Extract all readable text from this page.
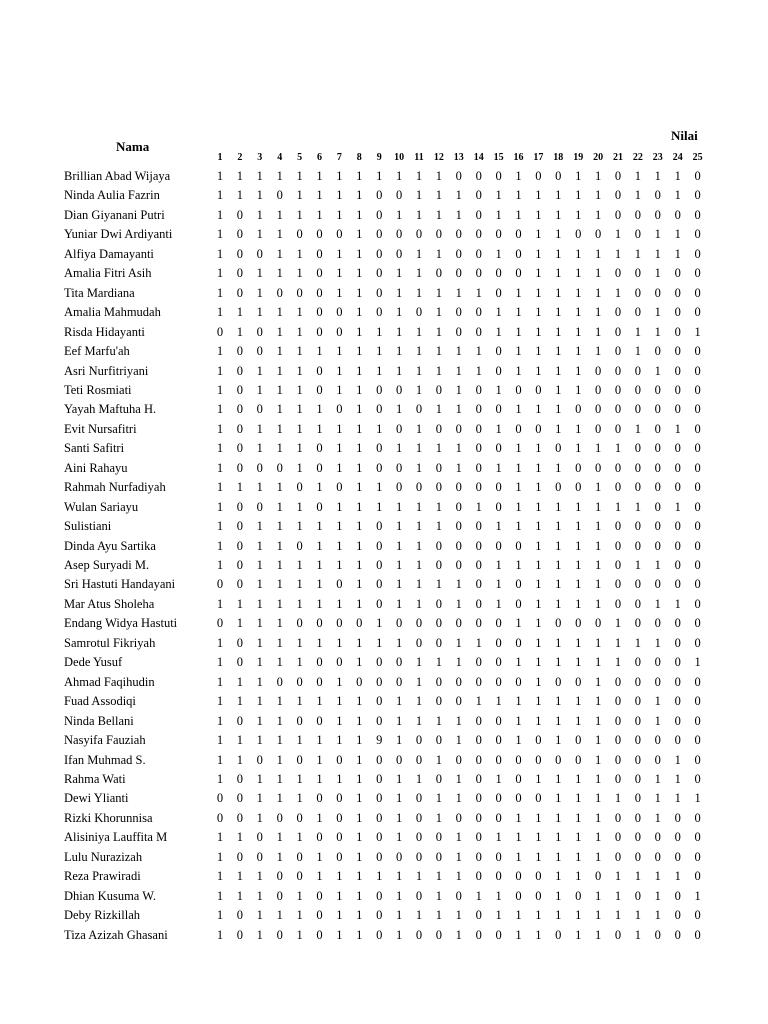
Nilai
Nama
1	2	3	4	5	6	7	8	9	10	11	12 13 14 15 16 17 18 19 20 21 22 23 24 25
Brillian Abad Wijaya	1	1	1	1	1	1	1	1	1	1	1	1	0	0	0	1	0	0	1	1	0	1	1	1	0
Ninda Aulia Fazrin	1	1	1	0	1	1	1	1	0	0	1	1	1	0	1	1	1	1	1	1	0	1	0	1	0
Dian Giyanani Putri	1	0	1	1	1	1	1	1	0	1	1	1	1	0	1	1	1	1	1	1	0	0	0	0	0
Yuniar Dwi Ardiyanti	1	0	1	1	0	0	0	1	0	0	0	0	0	0	0	0	1	1	0	0	1	0	1	1	0
Alfiya Damayanti	1	0	0	1	1	0	1	1	0	0	1	1	0	0	1	0	1	1	1	1	1	1	1	1	0
Amalia Fitri Asih	1	0	1	1	1	0	1	1	0	1	1	0	0	0	0	0	1	1	1	1	0	0	1	0	0
Tita Mardiana	1	0	1	0	0	0	1	1	0	1	1	1	1	1	0	1	1	1	1	1	1	0	0	0	0
Amalia Mahmudah	1	1	1	1	1	0	0	1	0	1	0	1	0	0	1	1	1	1	1	1	0	0	1	0	0
Risda Hidayanti	0	1	0	1	1	0	0	1	1	1	1	1	0	0	1	1	1	1	1	1	0	1	1	0	1
Eef Marfu'ah	1	0	0	1	1	1	1	1	1	1	1	1	1	1	0	1	1	1	1	1	0	1	0	0	0
Asri Nurfitriyani	1	0	1	1	1	0	1	1	1	1	1	1	1	1	0	1	1	1	1	0	0	0	1	0	0
Teti Rosmiati	1	0	1	1	1	0	1	1	0	0	1	0	1	0	1	0	0	1	1	0	0	0	0	0	0
Yayah Maftuha H.	1	0	0	1	1	1	0	1	0	1	0	1	1	0	0	1	1	1	0	0	0	0	0	0	0
Evit Nursafitri	1	0	1	1	1	1	1	1	1	0	1	0	0	0	1	0	0	1	1	0	0	1	0	1	0
Santi Safitri	1	0	1	1	1	0	1	1	0	1	1	1	1	0	0	1	1	0	1	1	1	0	0	0	0
Aini Rahayu	1	0	0	0	1	0	1	1	0	0	1	0	1	0	1	1	1	1	0	0	0	0	0	0	0
Rahmah Nurfadiyah	1	1	1	1	0	1	0	1	1	0	0	0	0	0	0	1	1	0	0	1	0	0	0	0	0
Wulan Sariayu	1	0	0	1	1	0	1	1	1	1	1	1	0	1	0	1	1	1	1	1	1	1	0	1	0
Sulistiani	1	0	1	1	1	1	1	1	0	1	1	1	0	0	1	1	1	1	1	1	0	0	0	0	0
Dinda Ayu Sartika	1	0	1	1	0	1	1	1	0	1	1	0	0	0	0	0	1	1	1	1	0	0	0	0	0
Asep Suryadi M.	1	0	1	1	1	1	1	1	0	1	1	0	0	0	1	1	1	1	1	1	0	1	1	0	0
Sri Hastuti Handayani	0	0	1	1	1	1	0	1	0	1	1	1	1	0	1	0	1	1	1	1	0	0	0	0	0
Mar Atus Sholeha	1	1	1	1	1	1	1	1	0	1	1	0	1	0	1	0	1	1	1	1	0	0	1	1	0
Endang Widya Hastuti	0	1	1	1	0	0	0	0	1	0	0	0	0	0	0	1	1	0	0	0	1	0	0	0	0
Samrotul Fikriyah	1	0	1	1	1	1	1	1	1	1	0	0	1	1	0	0	1	1	1	1	1	1	1	0	0
Dede Yusuf	1	0	1	1	1	0	0	1	0	0	1	1	1	0	0	1	1	1	1	1	1	0	0	0	1
Ahmad Faqihudin	1	1	1	0	0	0	1	0	0	0	1	0	0	0	0	0	1	0	0	1	0	0	0	0	0
Fuad Assodiqi	1	1	1	1	1	1	1	1	0	1	1	0	0	1	1	1	1	1	1	1	0	0	1	0	0
Ninda Bellani	1	0	1	1	0	0	1	1	0	1	1	1	1	0	0	1	1	1	1	1	0	0	1	0	0
Nasyifa Fauziah	1	1	1	1	1	1	1	1	9	1	0	0	1	0	0	1	0	1	0	1	0	0	0	0	0
Ifan Muhmad S.	1	1	0	1	0	1	0	1	0	0	0	1	0	0	0	0	0	0	0	1	0	0	0	1	0
Rahma Wati	1	0	1	1	1	1	1	1	0	1	1	0	1	0	1	0	1	1	1	1	0	0	1	1	0
Dewi Ylianti	0	0	1	1	1	0	0	1	0	1	0	1	1	0	0	0	0	1	1	1	1	0	1	1	1
Rizki Khorunnisa	0	0	1	0	0	1	0	1	0	1	0	1	0	0	0	1	1	1	1	1	0	0	1	0	0
Alisiniya Lauffita M	1	1	0	1	1	0	0	1	0	1	0	0	1	0	1	1	1	1	1	1	0	0	0	0	0
Lulu Nurazizah	1	0	0	1	0	1	0	1	0	0	0	0	1	0	0	1	1	1	1	1	0	0	0	0	0
Reza Prawiradi	1	1	1	0	0	1	1	1	1	1	1	1	1	0	0	0	0	1	1	0	1	1	1	1	0
Dhian Kusuma W.	1	1	1	0	1	0	1	1	0	1	0	1	0	1	1	0	0	1	0	1	1	0	1	0	1
Deby Rizkillah	1	0	1	1	1	0	1	1	0	1	1	1	1	0	1	1	1	1	1	1	1	1	1	0	0
Tiza Azizah Ghasani	1	0	1	0	1	0	1	1	0	1	0	0	1	0	0	1	1	0	1	1	0	1	0	0	0
